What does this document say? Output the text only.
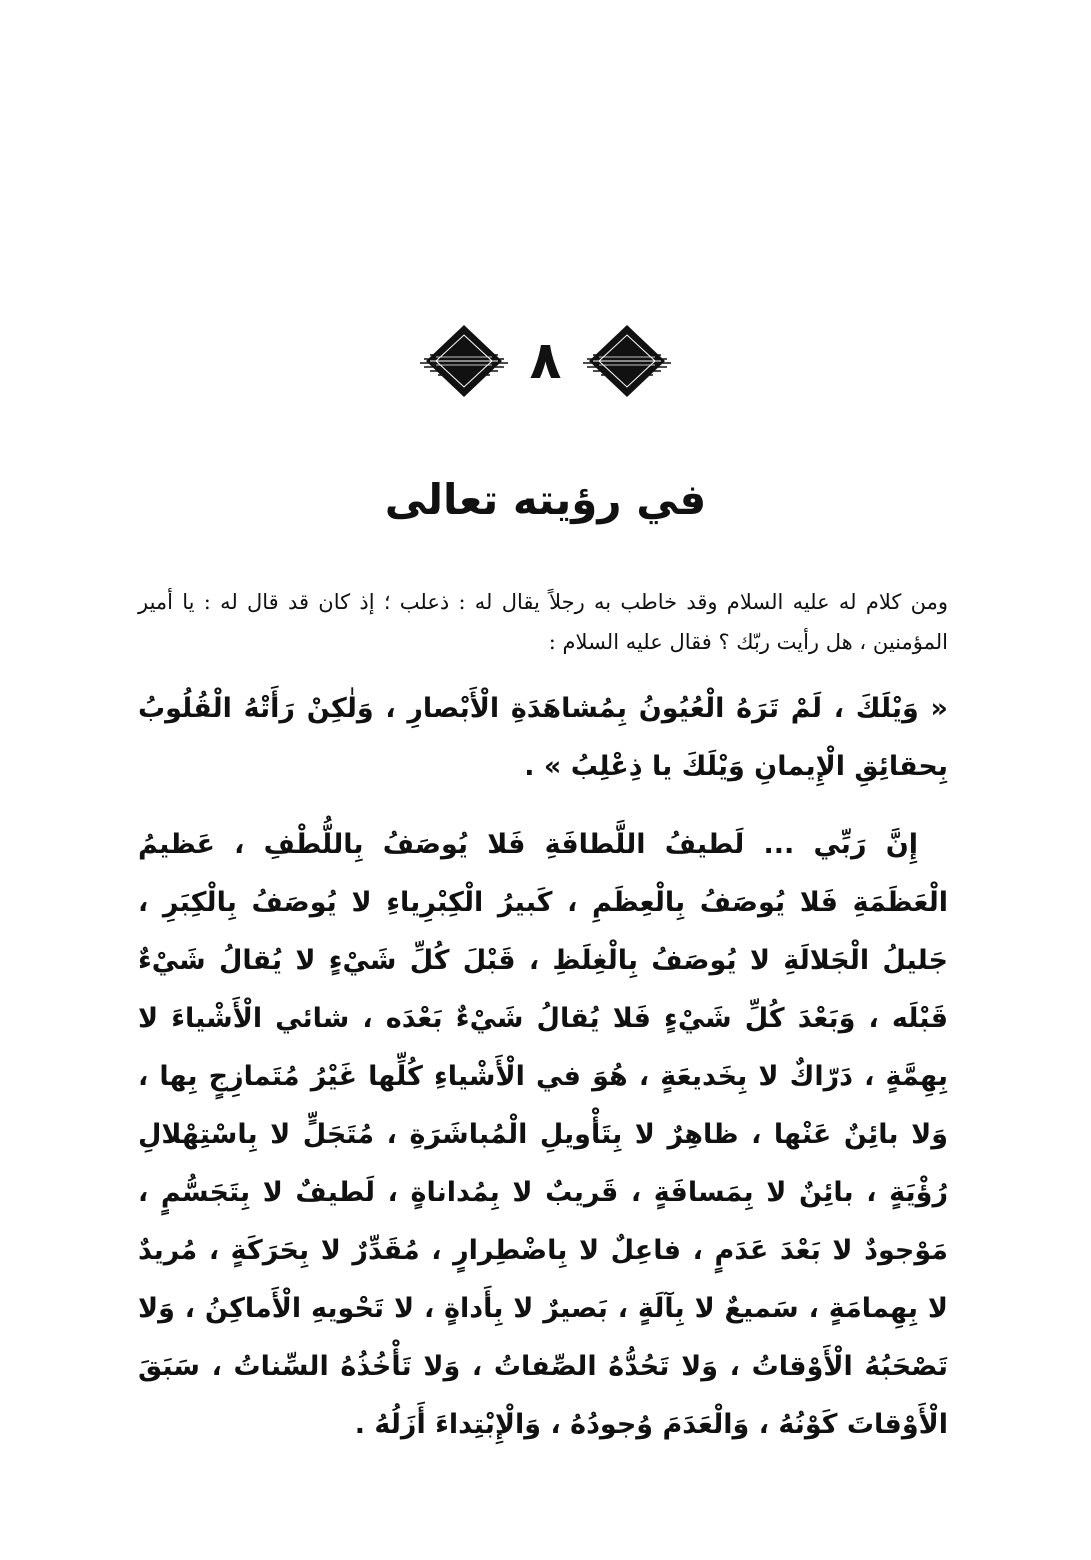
٨
في رؤيته تعالى

ومن كلام له عليه السلام وقد خاطب به رجلاً يقال له : ذعلب ؛ إذ كان قد قال له : يا أمير المؤمنين ، هل رأيت ربّك ؟ فقال عليه السلام :

« وَيْلَكَ ، لَمْ تَرَهُ الْعُيُونُ بِمُشاهَدَةِ الْأَبْصارِ ، وَلٰكِنْ رَأَتْهُ الْقُلُوبُ بِحقائِقِ الْإِيمانِ وَيْلَكَ يا ذِعْلِبُ » .

إِنَّ رَبِّي ... لَطيفُ اللَّطافَةِ فَلا يُوصَفُ بِاللُّطْفِ ، عَظيمُ الْعَظَمَةِ فَلا يُوصَفُ بِالْعِظَمِ ، كَبيرُ الْكِبْرِياءِ لا يُوصَفُ بِالْكِبَرِ ، جَليلُ الْجَلالَةِ لا يُوصَفُ بِالْغِلَظِ ، قَبْلَ كُلِّ شَيْءٍ لا يُقالُ شَيْءٌ قَبْلَه ، وَبَعْدَ كُلِّ شَيْءٍ فَلا يُقالُ شَيْءٌ بَعْدَه ، شائي الْأَشْياءَ لا بِهِمَّةٍ ، دَرّاكٌ لا بِخَديعَةٍ ، هُوَ في الْأَشْياءِ كُلِّها غَيْرُ مُتَمازِجٍ بِها ، وَلا بائِنٌ عَنْها ، ظاهِرٌ لا بِتَأْويلِ الْمُباشَرَةِ ، مُتَجَلٍّ لا بِاسْتِهْلالِ رُؤْيَةٍ ، بائِنٌ لا بِمَسافَةٍ ، قَريبٌ لا بِمُداناةٍ ، لَطيفٌ لا بِتَجَسُّمٍ ، مَوْجودٌ لا بَعْدَ عَدَمٍ ، فاعِلٌ لا بِاضْطِرارٍ ، مُقَدِّرٌ لا بِحَرَكَةٍ ، مُريدٌ لا بِهِمامَةٍ ، سَميعٌ لا بِآلَةٍ ، بَصيرٌ لا بِأَداةٍ ، لا تَحْويهِ الْأَماكِنُ ، وَلا تَصْحَبُهُ الْأَوْقاتُ ، وَلا تَحُدُّهُ الصِّفاتُ ، وَلا تَأْخُذُهُ السِّناتُ ، سَبَقَ الْأَوْقاتَ كَوْنُهُ ، وَالْعَدَمَ وُجودُهُ ، وَالْإِبْتِداءَ أَزَلُهُ .
